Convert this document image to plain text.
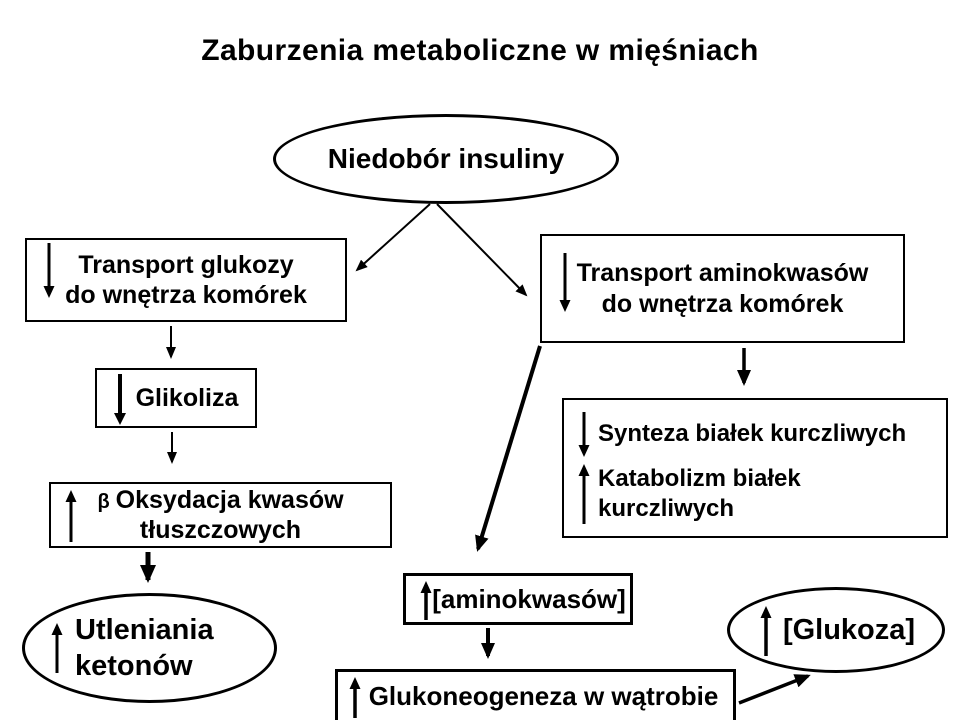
Zaburzenia metaboliczne w mięśniach
Niedobór insuliny
Transport glukozy
do wnętrza komórek
Transport aminokwasów
do wnętrza komórek
Glikoliza
β Oksydacja kwasów
tłuszczowych
Utleniania
ketonów
Synteza białek kurczliwych
Katabolizm białek
kurczliwych
[aminokwasów]
Glukoneogeneza w wątrobie
[Glukoza]
